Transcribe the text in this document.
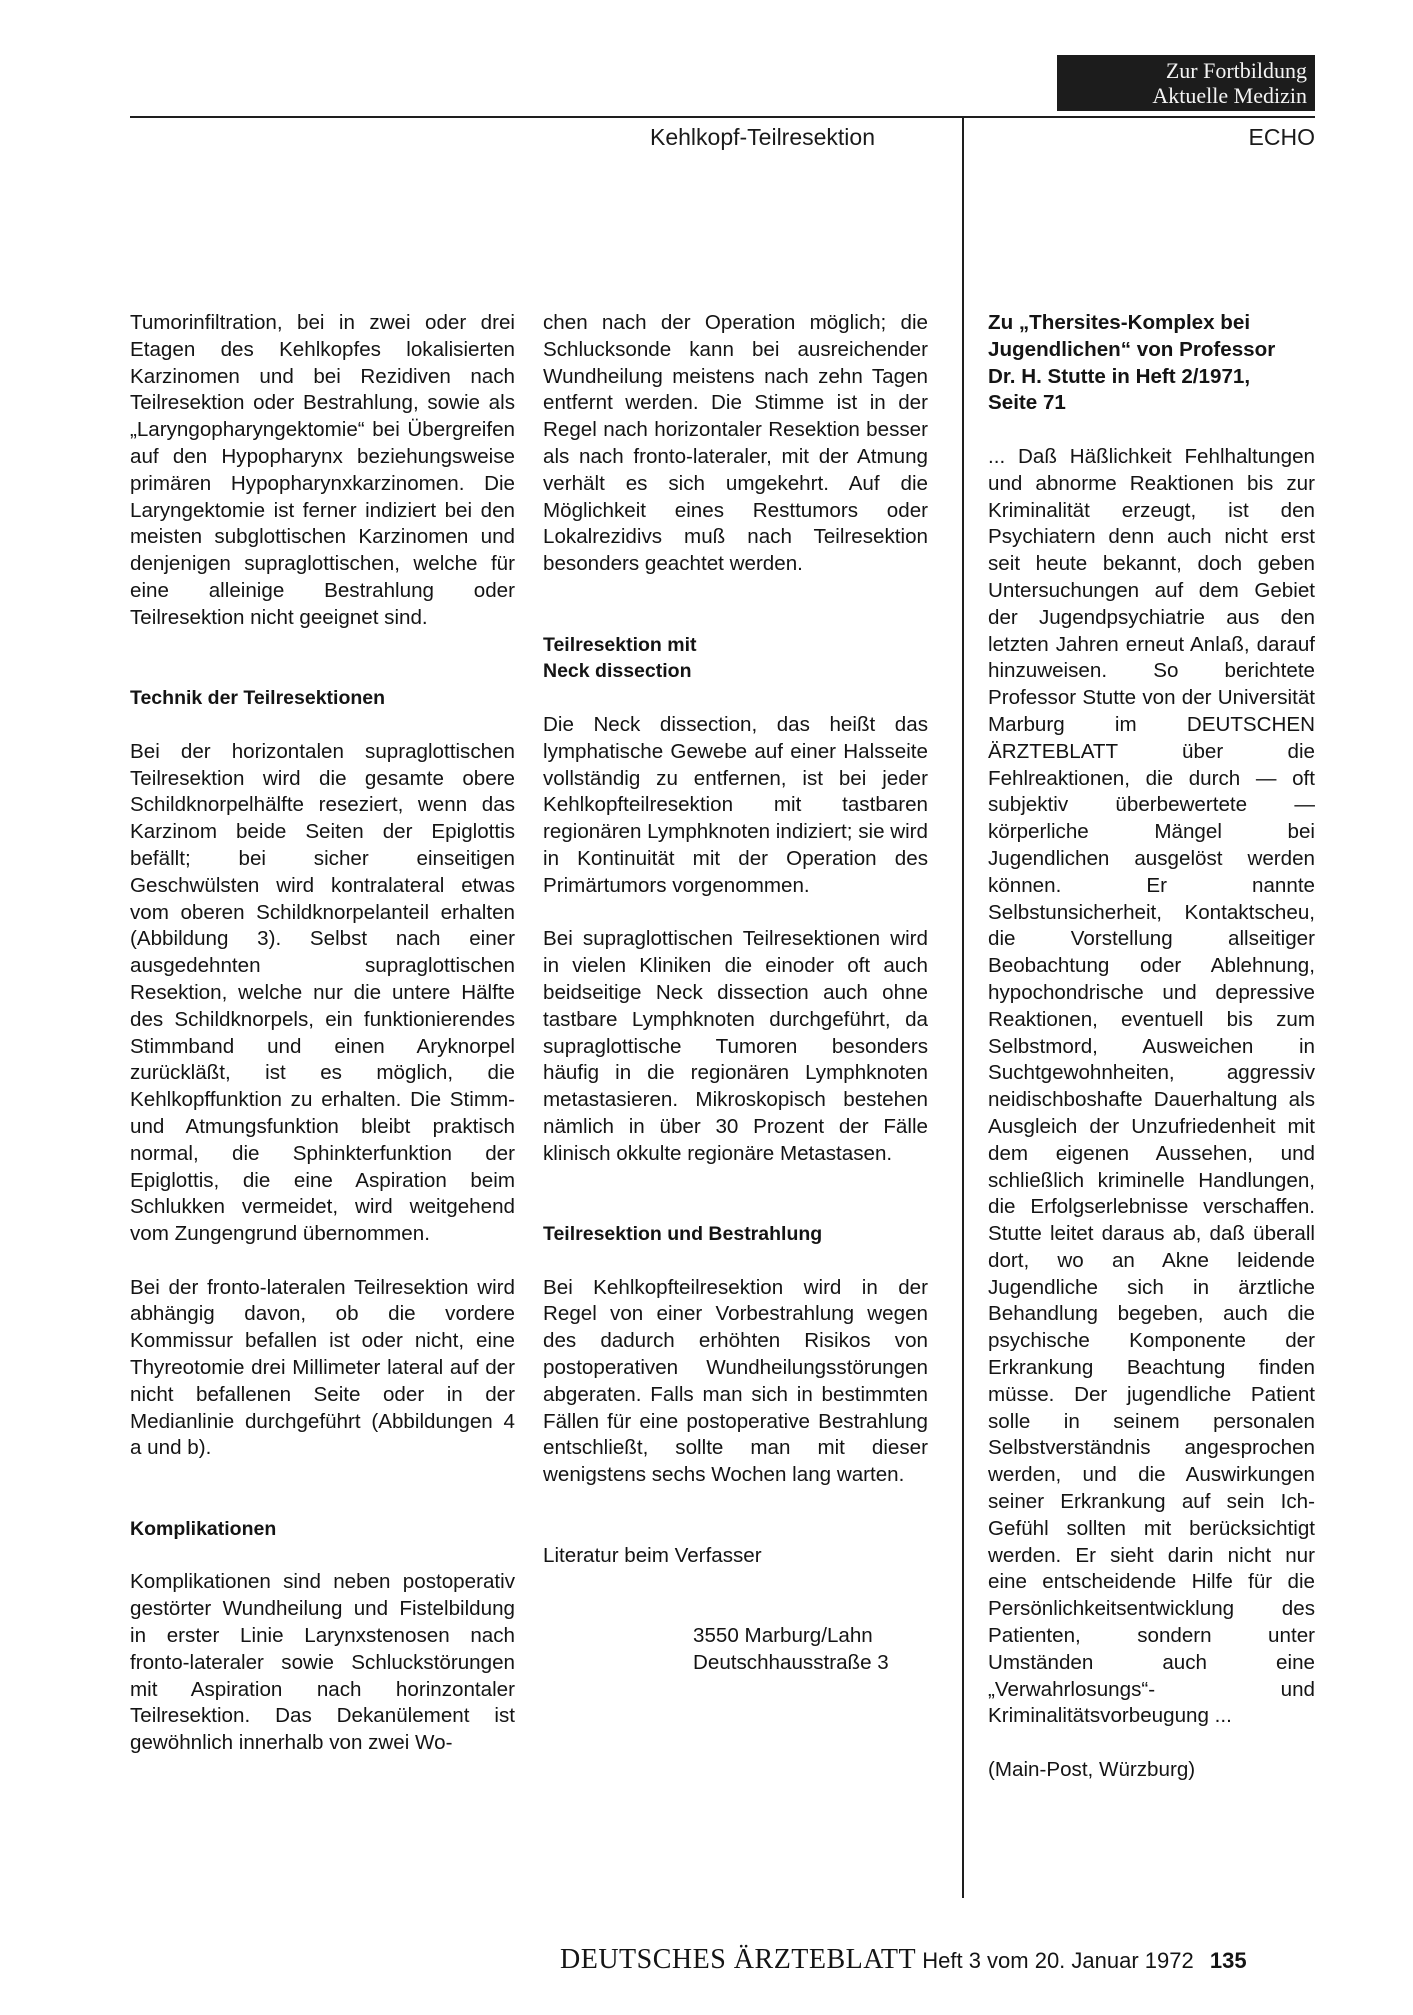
Zur Fortbildung
Aktuelle Medizin
Kehlkopf-Teilresektion	ECHO

Tumorinfiltration, bei in zwei oder drei Etagen des Kehlkopfes lokalisierten Karzinomen und bei Rezidiven nach Teilresektion oder Bestrahlung, sowie als „Laryngopharyngektomie“ bei Übergreifen auf den Hypopharynx beziehungsweise primären Hypopharynxkarzinomen. Die Laryngektomie ist ferner indiziert bei den meisten subglottischen Karzinomen und denjenigen supraglottischen, welche für eine alleinige Bestrahlung oder Teilresektion nicht geeignet sind.

Technik der Teilresektionen

Bei der horizontalen supraglottischen Teilresektion wird die gesamte obere Schildknorpelhälfte reseziert, wenn das Karzinom beide Seiten der Epiglottis befällt; bei sicher einseitigen Geschwülsten wird kontralateral etwas vom oberen Schildknorpelanteil erhalten (Abbildung 3). Selbst nach einer ausgedehnten supraglottischen Resektion, welche nur die untere Hälfte des Schildknorpels, ein funktionierendes Stimmband und einen Aryknorpel zurückläßt, ist es möglich, die Kehlkopffunktion zu erhalten. Die Stimm- und Atmungsfunktion bleibt praktisch normal, die Sphinkterfunktion der Epiglottis, die eine Aspiration beim Schlukken vermeidet, wird weitgehend vom Zungengrund übernommen.

Bei der fronto-lateralen Teilresektion wird abhängig davon, ob die vordere Kommissur befallen ist oder nicht, eine Thyreotomie drei Millimeter lateral auf der nicht befallenen Seite oder in der Medianlinie durchgeführt (Abbildungen 4 a und b).

Komplikationen

Komplikationen sind neben postoperativ gestörter Wundheilung und Fistelbildung in erster Linie Larynxstenosen nach fronto-lateraler sowie Schluckstörungen mit Aspiration nach horinzontaler Teilresektion. Das Dekanülement ist gewöhnlich innerhalb von zwei Wo-

chen nach der Operation möglich; die Schlucksonde kann bei ausreichender Wundheilung meistens nach zehn Tagen entfernt werden. Die Stimme ist in der Regel nach horizontaler Resektion besser als nach fronto-lateraler, mit der Atmung verhält es sich umgekehrt. Auf die Möglichkeit eines Resttumors oder Lokalrezidivs muß nach Teilresektion besonders geachtet werden.

Teilresektion mit
Neck dissection

Die Neck dissection, das heißt das lymphatische Gewebe auf einer Halsseite vollständig zu entfernen, ist bei jeder Kehlkopfteilresektion mit tastbaren regionären Lymphknoten indiziert; sie wird in Kontinuität mit der Operation des Primärtumors vorgenommen.

Bei supraglottischen Teilresektionen wird in vielen Kliniken die einoder oft auch beidseitige Neck dissection auch ohne tastbare Lymphknoten durchgeführt, da supraglottische Tumoren besonders häufig in die regionären Lymphknoten metastasieren. Mikroskopisch bestehen nämlich in über 30 Prozent der Fälle klinisch okkulte regionäre Metastasen.

Teilresektion und Bestrahlung

Bei Kehlkopfteilresektion wird in der Regel von einer Vorbestrahlung wegen des dadurch erhöhten Risikos von postoperativen Wundheilungsstörungen abgeraten. Falls man sich in bestimmten Fällen für eine postoperative Bestrahlung entschließt, sollte man mit dieser wenigstens sechs Wochen lang warten.

Literatur beim Verfasser

3550 Marburg/Lahn

Deutschhausstraße 3

Zu „Thersites-Komplex bei
Jugendlichen“ von Professor
Dr. H. Stutte in Heft 2/1971,
Seite 71

... Daß Häßlichkeit Fehlhaltungen und abnorme Reaktionen bis zur Kriminalität erzeugt, ist den Psychiatern denn auch nicht erst seit heute bekannt, doch geben Untersuchungen auf dem Gebiet der Jugendpsychiatrie aus den letzten Jahren erneut Anlaß, darauf hinzuweisen. So berichtete Professor Stutte von der Universität Marburg im DEUTSCHEN ÄRZTEBLATT über die Fehlreaktionen, die durch — oft subjektiv überbewertete — körperliche Mängel bei Jugendlichen ausgelöst werden können. Er nannte Selbstunsicherheit, Kontaktscheu, die Vorstellung allseitiger Beobachtung oder Ablehnung, hypochondrische und depressive Reaktionen, eventuell bis zum Selbstmord, Ausweichen in Suchtgewohnheiten, aggressiv neidischboshafte Dauerhaltung als Ausgleich der Unzufriedenheit mit dem eigenen Aussehen, und schließlich kriminelle Handlungen, die Erfolgserlebnisse verschaffen. Stutte leitet daraus ab, daß überall dort, wo an Akne leidende Jugendliche sich in ärztliche Behandlung begeben, auch die psychische Komponente der Erkrankung Beachtung finden müsse. Der jugendliche Patient solle in seinem personalen Selbstverständnis angesprochen werden, und die Auswirkungen seiner Erkrankung auf sein Ich-Gefühl sollten mit berücksichtigt werden. Er sieht darin nicht nur eine entscheidende Hilfe für die Persönlichkeitsentwicklung des Patienten, sondern unter Umständen auch eine „Verwahrlosungs“- und Kriminalitätsvorbeugung ...

(Main-Post, Würzburg)

DEUTSCHES ÄRZTEBLATT Heft 3 vom 20. Januar 1972 135
